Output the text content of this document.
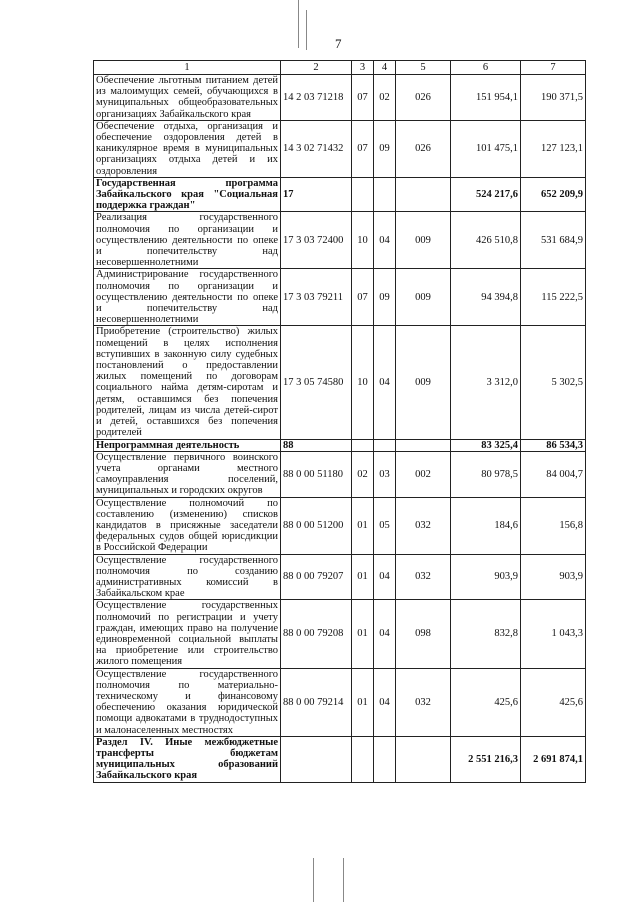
7
1	2	3	4	5	6	7
Обеспечение льготным питанием детей из малоимущих семей, обучающихся в муниципальных общеобразовательных организациях Забайкальского края	14 2 03 71218	07	02	026	151 954,1	190 371,5
Обеспечение отдыха, организация и обеспечение оздоровления детей в каникулярное время в муниципальных организациях отдыха детей и их оздоровления	14 3 02 71432	07	09	026	101 475,1	127 123,1
Государственная программа Забайкальского края "Социальная поддержка граждан"	17				524 217,6	652 209,9
Реализация государственного полномочия по организации и осуществлению деятельности по опеке и попечительству над несовершеннолетними	17 3 03 72400	10	04	009	426 510,8	531 684,9
Администрирование государственного полномочия по организации и осуществлению деятельности по опеке и попечительству над несовершеннолетними	17 3 03 79211	07	09	009	94 394,8	115 222,5
Приобретение (строительство) жилых помещений в целях исполнения вступивших в законную силу судебных постановлений о предоставлении жилых помещений по договорам социального найма детям-сиротам и детям, оставшимся без попечения родителей, лицам из числа детей-сирот и детей, оставшихся без попечения родителей	17 3 05 74580	10	04	009	3 312,0	5 302,5
Непрограммная деятельность	88				83 325,4	86 534,3
Осуществление первичного воинского учета органами местного самоуправления поселений, муниципальных и городских округов	88 0 00 51180	02	03	002	80 978,5	84 004,7
Осуществление полномочий по составлению (изменению) списков кандидатов в присяжные заседатели федеральных судов общей юрисдикции в Российской Федерации	88 0 00 51200	01	05	032	184,6	156,8
Осуществление государственного полномочия по созданию административных комиссий в Забайкальском крае	88 0 00 79207	01	04	032	903,9	903,9
Осуществление государственных полномочий по регистрации и учету граждан, имеющих право на получение единовременной социальной выплаты на приобретение или строительство жилого помещения	88 0 00 79208	01	04	098	832,8	1 043,3
Осуществление государственного полномочия по материально-техническому и финансовому обеспечению оказания юридической помощи адвокатами в труднодоступных и малонаселенных местностях	88 0 00 79214	01	04	032	425,6	425,6
Раздел IV. Иные межбюджетные трансферты бюджетам муниципальных образований Забайкальского края					2 551 216,3	2 691 874,1
